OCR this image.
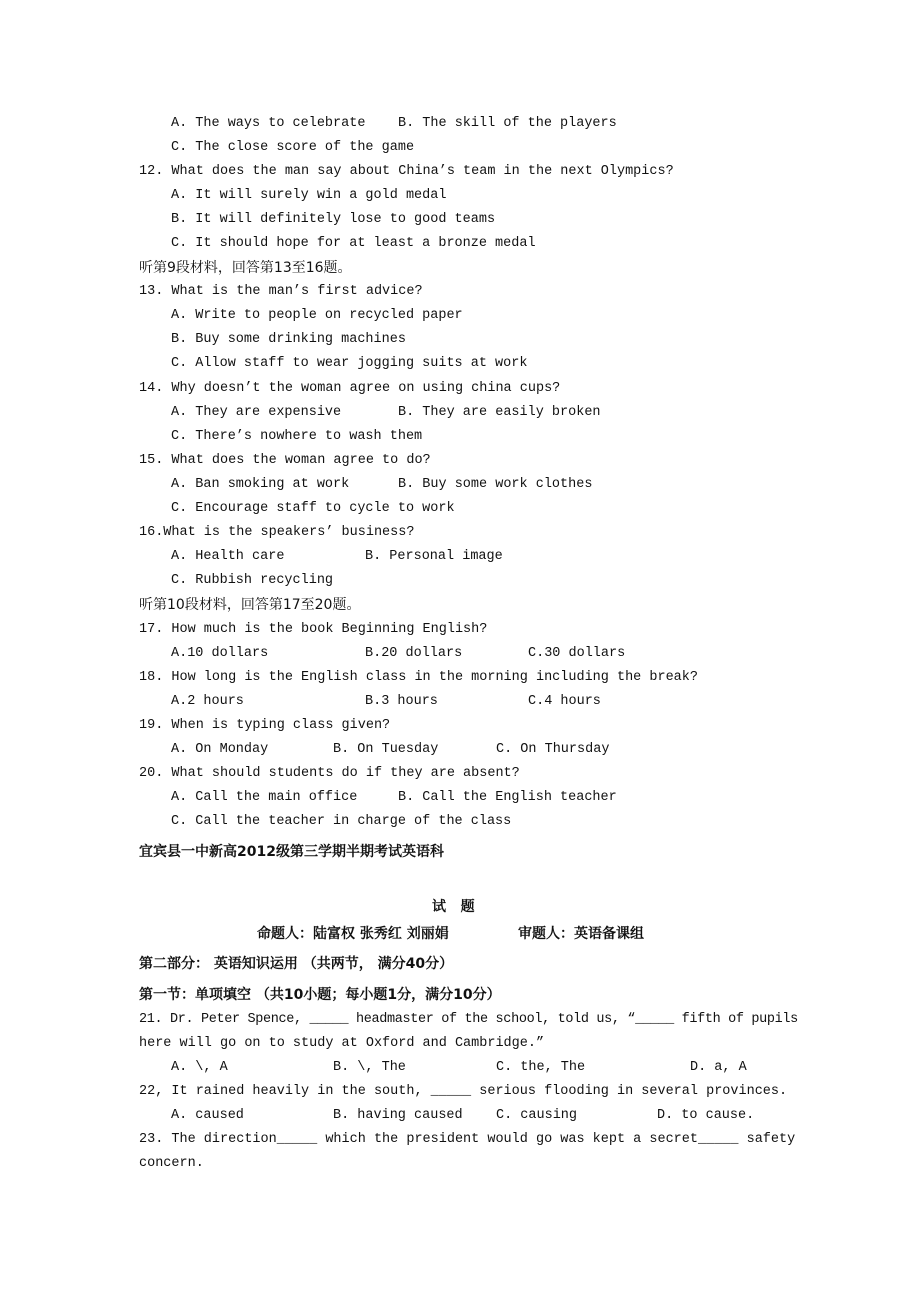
A. The ways to celebrate B. The skill of the players
C. The close score of the game
12. What does the man say about China’s team in the next Olympics?
A. It will surely win a gold medal
B. It will definitely lose to good teams
C. It should hope for at least a bronze medal
听第9段材料，回答第13至16题。
13. What is the man’s first advice?
A. Write to people on recycled paper
B. Buy some drinking machines
C. Allow staff to wear jogging suits at work
14. Why doesn’t the woman agree on using china cups?
A. They are expensive	B. They are easily broken
C. There’s nowhere to wash them
15. What does the woman agree to do?
A. Ban smoking at work	B. Buy some work clothes
C. Encourage staff to cycle to work
16.What is the speakers’ business?
A. Health care	B. Personal image
C. Rubbish recycling
听第10段材料，回答第17至20题。
17. How much is the book Beginning English?
A.10 dollars	B.20 dollars	C.30 dollars
18. How long is the English class in the morning including the break?
A.2 hours	B.3 hours	C.4 hours
19. When is typing class given?
A. On Monday	B. On Tuesday	C. On Thursday
20. What should students do if they are absent?
A. Call the main office	B. Call the English teacher
C. Call the teacher in charge of the class
宜宾县一中新高2012级第三学期半期考试英语科
试   题
命题人：陆富权 张秀红 刘丽娟	审题人：英语备课组
第二部分： 英语知识运用 （共两节， 满分40分）
第一节：单项填空 （共10小题；每小题1分，满分10分）
21. Dr. Peter Spence, _____ headmaster of the school, told us, “_____ fifth of pupils
here will go on to study at Oxford and Cambridge.”
A. \, A	B. \, The	C. the, The	D. a, A
22, It rained heavily in the south, _____ serious flooding in several provinces.
A. caused	B. having caused C. causing	D. to cause.
23. The direction_____ which the president would go was kept a secret_____ safety
concern.
